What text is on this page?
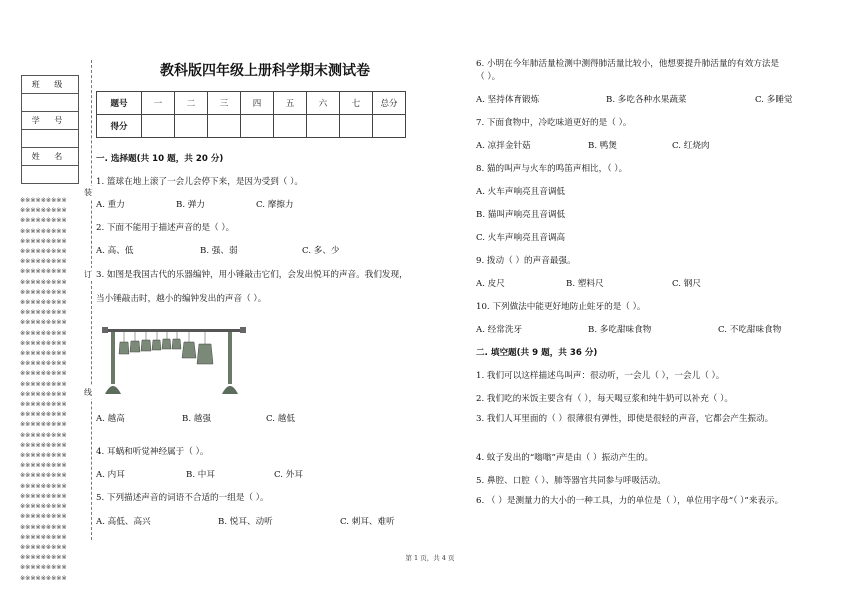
班 级

学 号

姓 名

※※※※※※※※※
※※※※※※※※※
※※※※※※※※※
※※※※※※※※※
※※※※※※※※※
※※※※※※※※※
※※※※※※※※※
※※※※※※※※※
※※※※※※※※※
※※※※※※※※※
※※※※※※※※※
※※※※※※※※※
※※※※※※※※※
※※※※※※※※※
※※※※※※※※※
※※※※※※※※※
※※※※※※※※※
※※※※※※※※※
※※※※※※※※※
※※※※※※※※※
※※※※※※※※※
※※※※※※※※※
※※※※※※※※※
※※※※※※※※※
※※※※※※※※※
※※※※※※※※※
※※※※※※※※※
※※※※※※※※※
※※※※※※※※※
※※※※※※※※※
※※※※※※※※※
※※※※※※※※※
※※※※※※※※※
※※※※※※※※※
※※※※※※※※※
※※※※※※※※※
※※※※※※※※※
※※※※※※※※※
装
订
线
教科版四年级上册科学期末测试卷
题号	一	二	三	四	五	六	七	总分
得分								
一. 选择题(共 10 题，共 20 分)
1. 篮球在地上滚了一会儿会停下来，是因为受到（ ）。
A. 重力	B. 弹力	C. 摩擦力
2. 下面不能用于描述声音的是（ ）。
A. 高、低	B. 强、弱	C. 多、少
3. 如图是我国古代的乐器编钟，用小锤敲击它们，会发出悦耳的声音。我们发现，
当小锤敲击时，越小的编钟发出的声音（ ）。
A. 越高	B. 越强	C. 越低
4. 耳蜗和听觉神经属于（ ）。
A. 内耳	B. 中耳	C. 外耳
5. 下列描述声音的词语不合适的一组是（ ）。
A. 高低、高兴	B. 悦耳、动听	C. 刺耳、难听
6. 小明在今年肺活量检测中测得肺活量比较小，他想要提升肺活量的有效方法是
（ ）。
A. 坚持体育锻炼	B. 多吃各种水果蔬菜	C. 多睡觉
7. 下面食物中，冷吃味道更好的是（ ）。
A. 凉拌金针菇	B. 鸭煲	C. 红烧肉
8. 猫的叫声与火车的鸣笛声相比，（ ）。
A. 火车声响亮且音调低
B. 猫叫声响亮且音调低
C. 火车声响亮且音调高
9. 拨动（ ）的声音最强。
A. 皮尺	B. 塑料尺	C. 钢尺
10. 下列做法中能更好地防止蛀牙的是（ ）。
A. 经常洗牙	B. 多吃甜味食物	C. 不吃甜味食物
二. 填空题(共 9 题，共 36 分)
1. 我们可以这样描述鸟叫声：很动听，一会儿（ ），一会儿（ ）。
2. 我们吃的米饭主要含有（ ），每天喝豆浆和纯牛奶可以补充（ ）。
3. 我们人耳里面的（ ）很薄很有弹性，即使是很轻的声音，它都会产生振动。
4. 蚊子发出的“嗡嗡”声是由（ ）振动产生的。
5. 鼻腔、口腔（ ）、肺等器官共同参与呼吸活动。
6. （ ）是测量力的大小的一种工具，力的单位是（ ），单位用字母“（ ）”来表示。
第 1 页，共 4 页
